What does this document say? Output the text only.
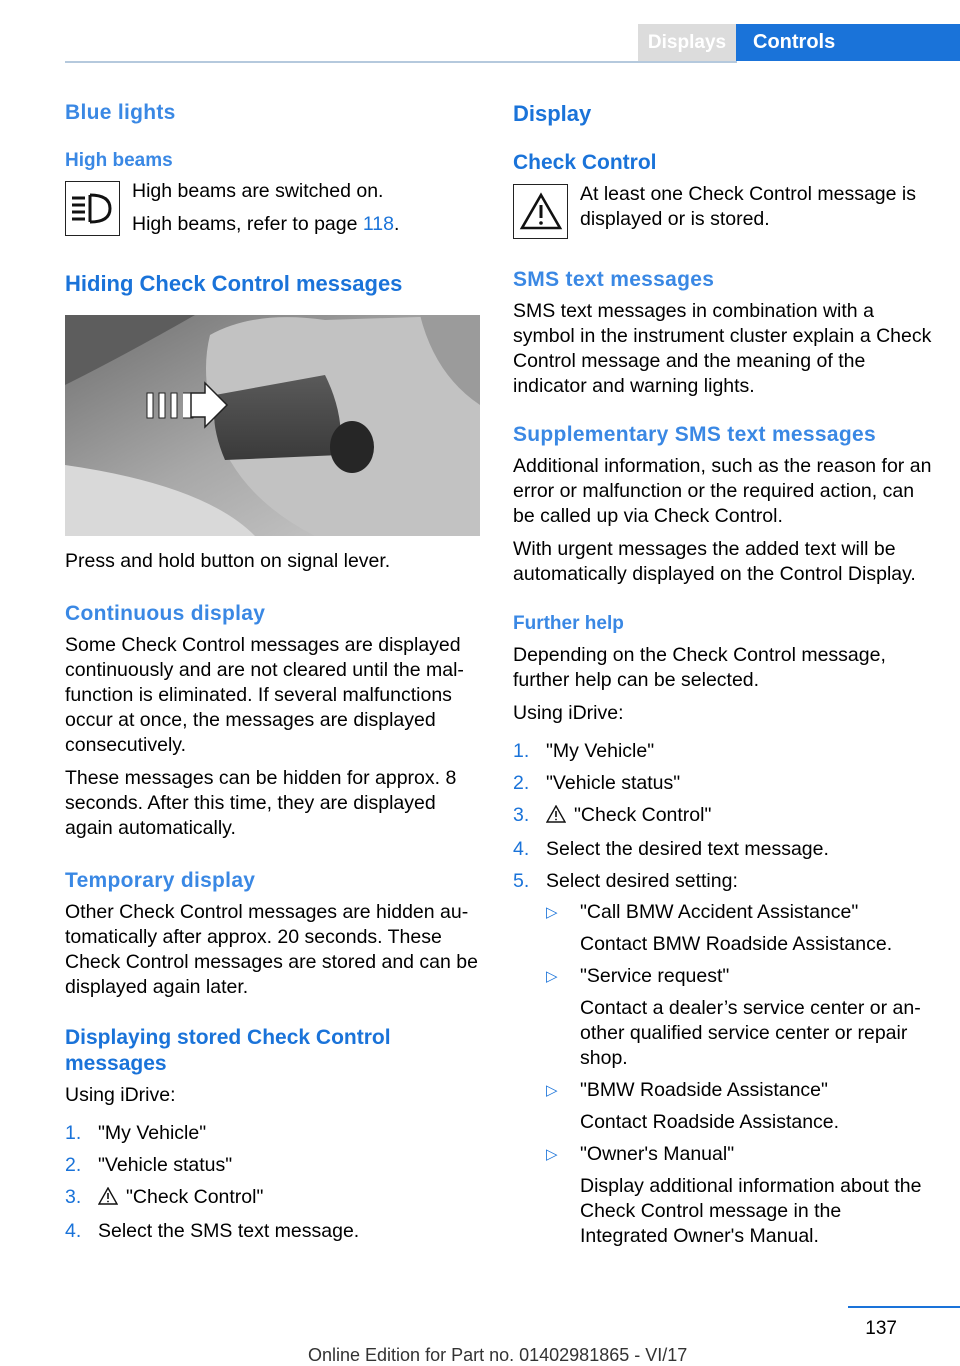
Displays	Controls
Blue lights
High beams

High beams are switched on.

High beams, refer to page 118.

Hiding Check Control messages

Press and hold button on signal lever.

Continuous display

Some Check Control messages are displayed continuously and are not cleared until the mal-function is eliminated. If several malfunctions occur at once, the messages are displayed consecutively.

These messages can be hidden for approx. 8 seconds. After this time, they are displayed again automatically.

Temporary display

Other Check Control messages are hidden au-tomatically after approx. 20 seconds. These Check Control messages are stored and can be displayed again later.

Displaying stored Check Control messages

Using iDrive:

1. "My Vehicle"
2. "Vehicle status"
3.	"Check Control"
4. Select the SMS text message.
Display
Check Control

At least one Check Control message is displayed or is stored.

SMS text messages

SMS text messages in combination with a symbol in the instrument cluster explain a Check Control message and the meaning of the indicator and warning lights.

Supplementary SMS text messages

Additional information, such as the reason for an error or malfunction or the required action, can be called up via Check Control.

With urgent messages the added text will be automatically displayed on the Control Display.

Further help

Depending on the Check Control message, further help can be selected.

Using iDrive:

1. "My Vehicle"
2. "Vehicle status"
3.	"Check Control"
4. Select the desired text message.
5. Select desired setting:
▷	"Call BMW Accident Assistance"

Contact BMW Roadside Assistance.

▷	"Service request"

Contact a dealer’s service center or an-other qualified service center or repair shop.

▷	"BMW Roadside Assistance"

Contact Roadside Assistance.

▷	"Owner's Manual"

Display additional information about the Check Control message in the Integrated Owner's Manual.

137
Online Edition for Part no. 01402981865 - VI/17
